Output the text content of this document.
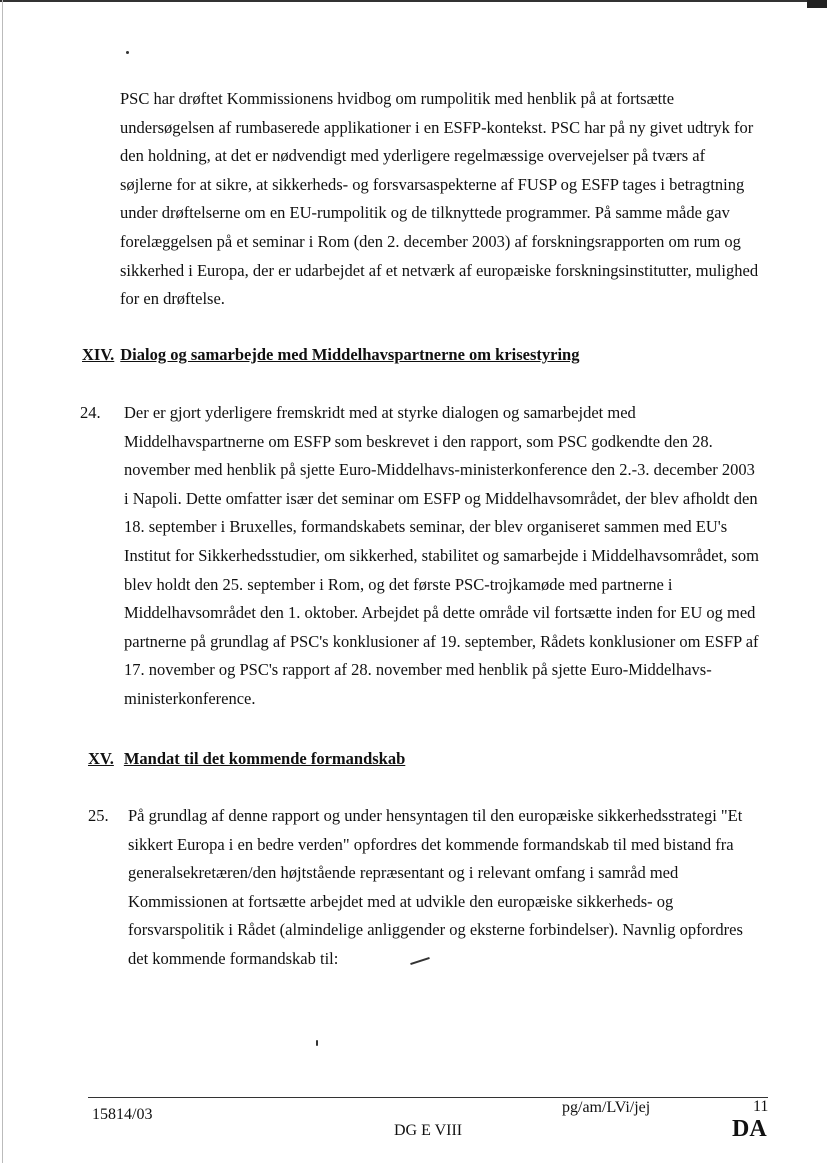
PSC har drøftet Kommissionens hvidbog om rumpolitik med henblik på at fortsætte undersøgelsen af rumbaserede applikationer i en ESFP-kontekst. PSC har på ny givet udtryk for den holdning, at det er nødvendigt med yderligere regelmæssige overvejelser på tværs af søjlerne for at sikre, at sikkerheds- og forsvarsaspekterne af FUSP og ESFP tages i betragtning under drøftelserne om en EU-rumpolitik og de tilknyttede programmer. På samme måde gav forelæggelsen på et seminar i Rom (den 2. december 2003) af forskningsrapporten om rum og sikkerhed i Europa, der er udarbejdet af et netværk af europæiske forskningsinstitutter, mulighed for en drøftelse.
XIV. Dialog og samarbejde med Middelhavspartnerne om krisestyring
24. Der er gjort yderligere fremskridt med at styrke dialogen og samarbejdet med Middelhavspartnerne om ESFP som beskrevet i den rapport, som PSC godkendte den 28. november med henblik på sjette Euro-Middelhavs-ministerkonference den 2.-3. december 2003 i Napoli. Dette omfatter især det seminar om ESFP og Middelhavsområdet, der blev afholdt den 18. september i Bruxelles, formandskabets seminar, der blev organiseret sammen med EU's Institut for Sikkerhedsstudier, om sikkerhed, stabilitet og samarbejde i Middelhavsområdet, som blev holdt den 25. september i Rom, og det første PSC-trojkamøde med partnerne i Middelhavsområdet den 1. oktober. Arbejdet på dette område vil fortsætte inden for EU og med partnerne på grundlag af PSC's konklusioner af 19. september, Rådets konklusioner om ESFP af 17. november og PSC's rapport af 28. november med henblik på sjette Euro-Middelhavs-ministerkonference.
XV. Mandat til det kommende formandskab
25. På grundlag af denne rapport og under hensyntagen til den europæiske sikkerhedsstrategi "Et sikkert Europa i en bedre verden" opfordres det kommende formandskab til med bistand fra generalsekretæren/den højtstående repræsentant og i relevant omfang i samråd med Kommissionen at fortsætte arbejdet med at udvikle den europæiske sikkerheds- og forsvarspolitik i Rådet (almindelige anliggender og eksterne forbindelser). Navnlig opfordres det kommende formandskab til:
15814/03	pg/am/LVi/jej	11
DG E VIII	DA
